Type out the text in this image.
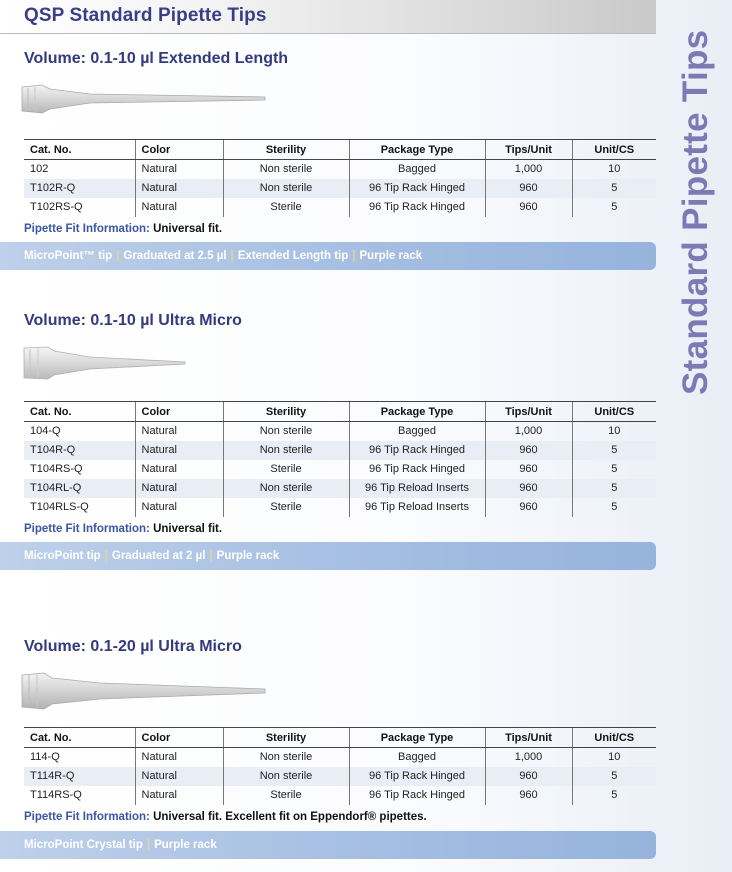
QSP Standard Pipette Tips
Standard Pipette Tips
Volume: 0.1-10 µl Extended Length
Cat. No.	Color	Sterility	Package Type	Tips/Unit	Unit/CS
102	Natural	Non sterile	Bagged	1,000	10
T102R-Q	Natural	Non sterile	96 Tip Rack Hinged	960	5
T102RS-Q	Natural	Sterile	96 Tip Rack Hinged	960	5
Pipette Fit Information: Universal fit.
MicroPoint™ tip | Graduated at 2.5 µl | Extended Length tip | Purple rack
Volume: 0.1-10 µl Ultra Micro
Cat. No.	Color	Sterility	Package Type	Tips/Unit	Unit/CS
104-Q	Natural	Non sterile	Bagged	1,000	10
T104R-Q	Natural	Non sterile	96 Tip Rack Hinged	960	5
T104RS-Q	Natural	Sterile	96 Tip Rack Hinged	960	5
T104RL-Q	Natural	Non sterile	96 Tip Reload Inserts	960	5
T104RLS-Q	Natural	Sterile	96 Tip Reload Inserts	960	5
Pipette Fit Information: Universal fit.
MicroPoint tip | Graduated at 2 µl | Purple rack
Volume: 0.1-20 µl Ultra Micro
Cat. No.	Color	Sterility	Package Type	Tips/Unit	Unit/CS
114-Q	Natural	Non sterile	Bagged	1,000	10
T114R-Q	Natural	Non sterile	96 Tip Rack Hinged	960	5
T114RS-Q	Natural	Sterile	96 Tip Rack Hinged	960	5
Pipette Fit Information: Universal fit. Excellent fit on Eppendorf® pipettes.
MicroPoint Crystal tip | Purple rack
